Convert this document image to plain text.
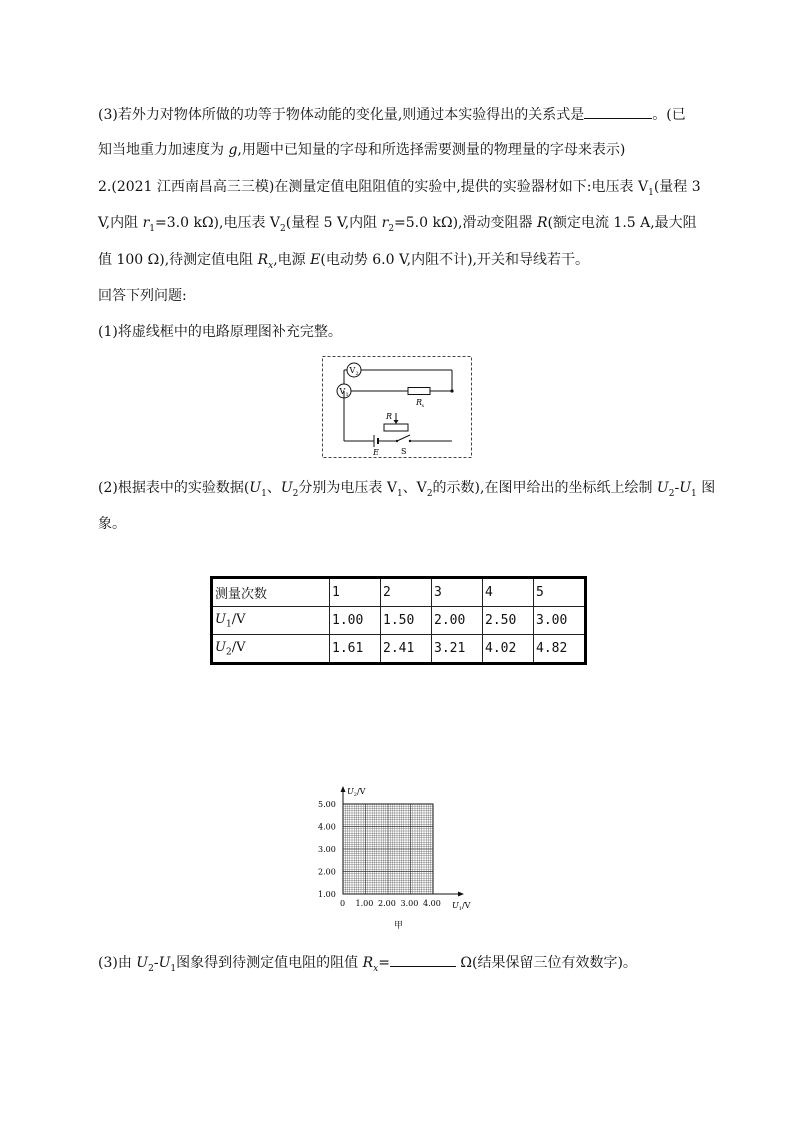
(3)若外力对物体所做的功等于物体动能的变化量,则通过本实验得出的关系式是	。(已
知当地重力加速度为 g,用题中已知量的字母和所选择需要测量的物理量的字母来表示)
2.(2021 江西南昌高三三模)在测量定值电阻阻值的实验中,提供的实验器材如下:电压表 $V_1$(量程 3
V,内阻 $r_1=3.0$ kΩ),电压表 $V_2$(量程 5 V,内阻 $r_2=5.0$ kΩ),滑动变阻器 R(额定电流 1.5 A,最大阻
值 100 Ω),待测定值电阻 $R_x$,电源 E(电动势 6.0 V,内阻不计),开关和导线若干。
回答下列问题:
(1)将虚线框中的电路原理图补充完整。
V 2
V 1
R x
R
E	S
(2)根据表中的实验数据($U_1$、$U_2$分别为电压表 $V_1$、$V_2$的示数),在图甲给出的坐标纸上绘制 $U_2-U_1$ 图
象。
测量次数	1	2	3	4	5
$U_1/V$	1.00	1.50	2.00	2.50	3.00
$U_2/V$	1.61	2.41	3.21	4.02	4.82
$U_2/V$
$U_1/V$
5.00
4.00
3.00
2.00
1.00
0 1.00 2.00 3.00 4.00
甲
(3)由 $U_2-U_1$图象得到待测定值电阻的阻值 $R_x=$	Ω(结果保留三位有效数字)。
